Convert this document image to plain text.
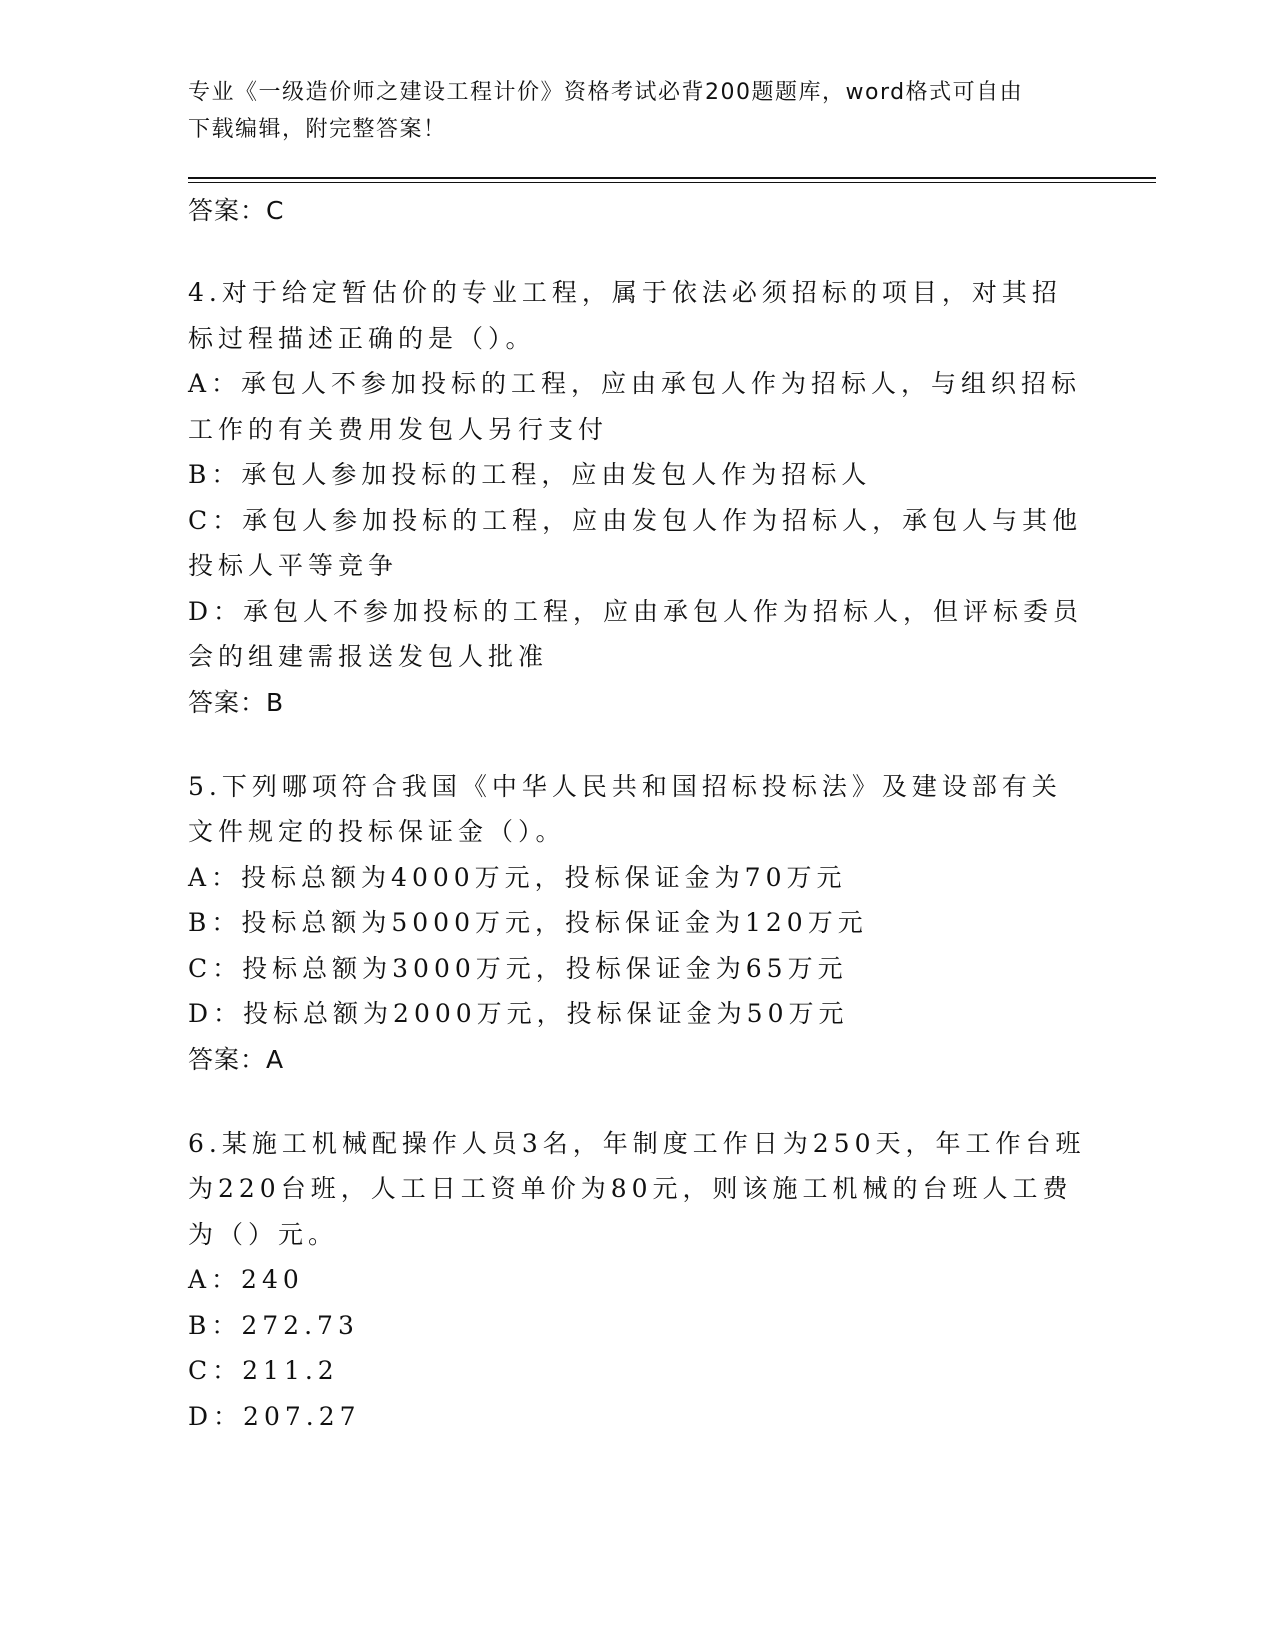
专业《一级造价师之建设工程计价》资格考试必背200题题库，word格式可自由
下载编辑，附完整答案！
答案：C

4.对于给定暂估价的专业工程，属于依法必须招标的项目，对其招标过程描述正确的是（）。

A：承包人不参加投标的工程，应由承包人作为招标人，与组织招标工作的有关费用发包人另行支付

B：承包人参加投标的工程，应由发包人作为招标人

C：承包人参加投标的工程，应由发包人作为招标人，承包人与其他投标人平等竞争

D：承包人不参加投标的工程，应由承包人作为招标人，但评标委员会的组建需报送发包人批准

答案：B

5.下列哪项符合我国《中华人民共和国招标投标法》及建设部有关文件规定的投标保证金（）。

A：投标总额为4000万元，投标保证金为70万元

B：投标总额为5000万元，投标保证金为120万元

C：投标总额为3000万元，投标保证金为65万元

D：投标总额为2000万元，投标保证金为50万元

答案：A

6.某施工机械配操作人员3名，年制度工作日为250天，年工作台班为220台班，人工日工资单价为80元，则该施工机械的台班人工费为（）元。

A：240

B：272.73

C：211.2

D：207.27
